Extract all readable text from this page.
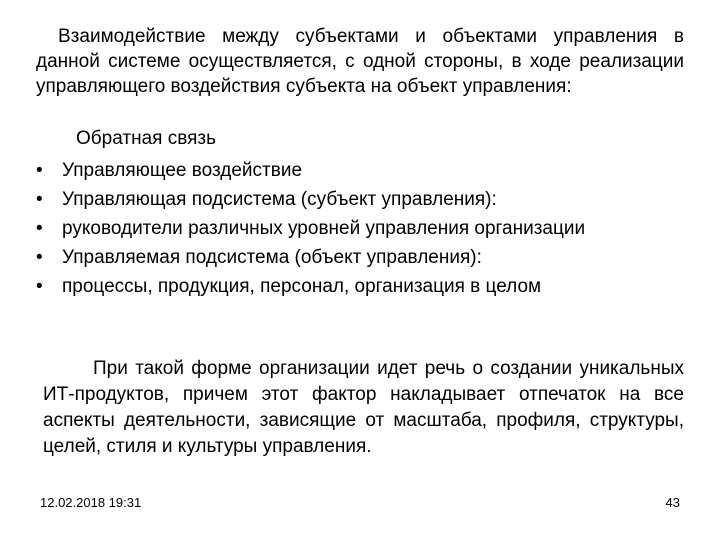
Взаимодействие между субъектами и объектами управления в данной системе осуществляется, с одной стороны, в ходе реализации управляющего воздействия субъекта на объект управления:
Обратная связь
•	Управляющее воздействие
•	Управляющая подсистема (субъект управления):
•	руководители различных уровней управления организации
•	Управляемая подсистема (объект управления):
•	процессы, продукция, персонал, организация в целом
При такой форме организации идет речь о создании уникальных ИТ-продуктов, причем этот фактор накладывает отпечаток на все аспекты деятельности, зависящие от масштаба, профиля, структуры, целей, стиля и культуры управления.
12.02.2018 19:31	43
